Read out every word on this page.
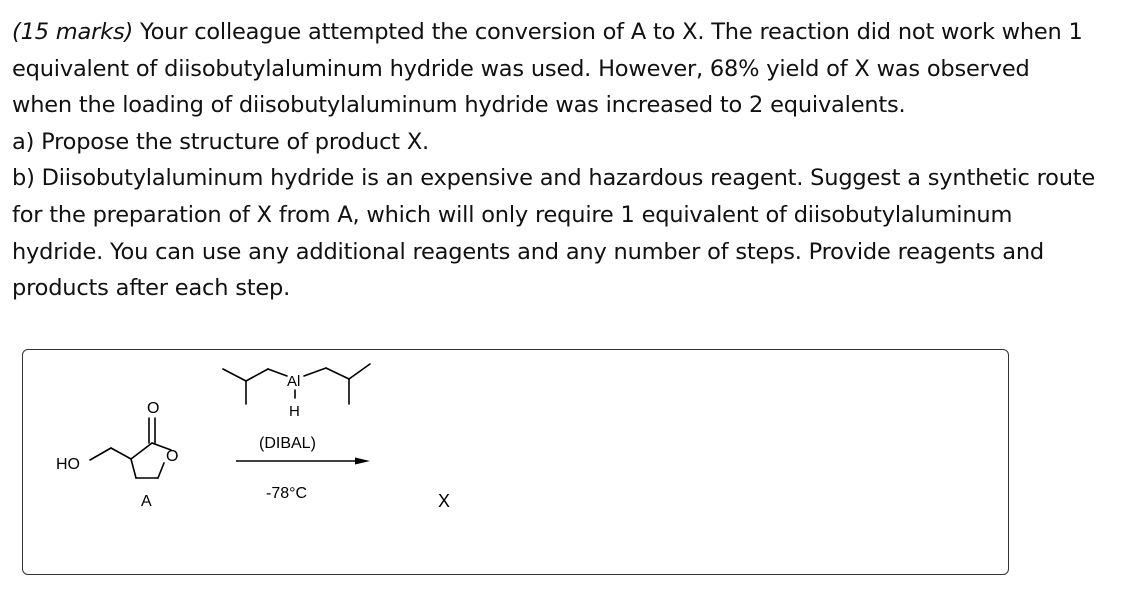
(15 marks) Your colleague attempted the conversion of A to X. The reaction did not work when 1
equivalent of diisobutylaluminum hydride was used. However, 68% yield of X was observed
when the loading of diisobutylaluminum hydride was increased to 2 equivalents.
a) Propose the structure of product X.
b) Diisobutylaluminum hydride is an expensive and hazardous reagent. Suggest a synthetic route
for the preparation of X from A, which will only require 1 equivalent of diisobutylaluminum
hydride. You can use any additional reagents and any number of steps. Provide reagents and
products after each step.
HO
O
O
A
Al
H
(DIBAL)
-78°C	X
